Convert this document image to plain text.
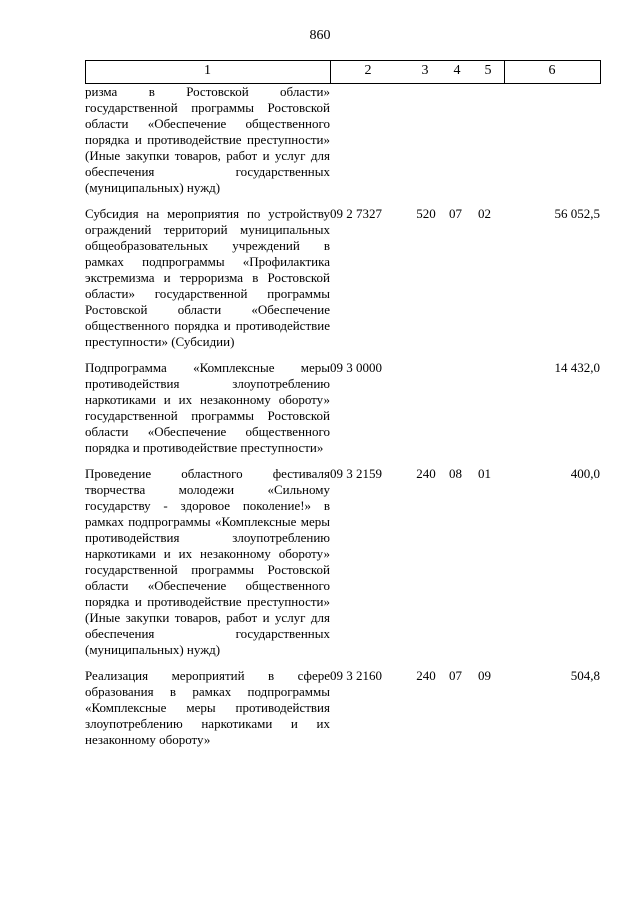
860
1	2	3	4	5	6
ризма в Ростовской области» государственной программы Ростовской области «Обеспечение общественного порядка и противодействие преступности» (Иные закупки товаров, работ и услуг для обеспечения государственных (муниципальных) нужд)					
Субсидия на мероприятия по устройству ограждений территорий муниципальных общеобразовательных учреждений в рамках подпрограммы «Профилактика экстремизма и терроризма в Ростовской области» государственной программы Ростовской области «Обеспечение общественного порядка и противодействие преступности» (Субсидии)	09 2 7327	520	07	02	56 052,5
Подпрограмма «Комплексные меры противодействия злоупотреблению наркотиками и их незаконному обороту» государственной программы Ростовской области «Обеспечение общественного порядка и противодействие преступности»	09 3 0000				14 432,0
Проведение областного фестиваля творчества молодежи «Сильному государству - здоровое поколение!» в рамках подпрограммы «Комплексные меры противодействия злоупотреблению наркотиками и их незаконному обороту» государственной программы Ростовской области «Обеспечение общественного порядка и противодействие преступности» (Иные закупки товаров, работ и услуг для обеспечения государственных (муниципальных) нужд)	09 3 2159	240	08	01	400,0
Реализация мероприятий в сфере образования в рамках подпрограммы «Комплексные меры противодействия злоупотреблению наркотиками и их незаконному обороту»	09 3 2160	240	07	09	504,8
